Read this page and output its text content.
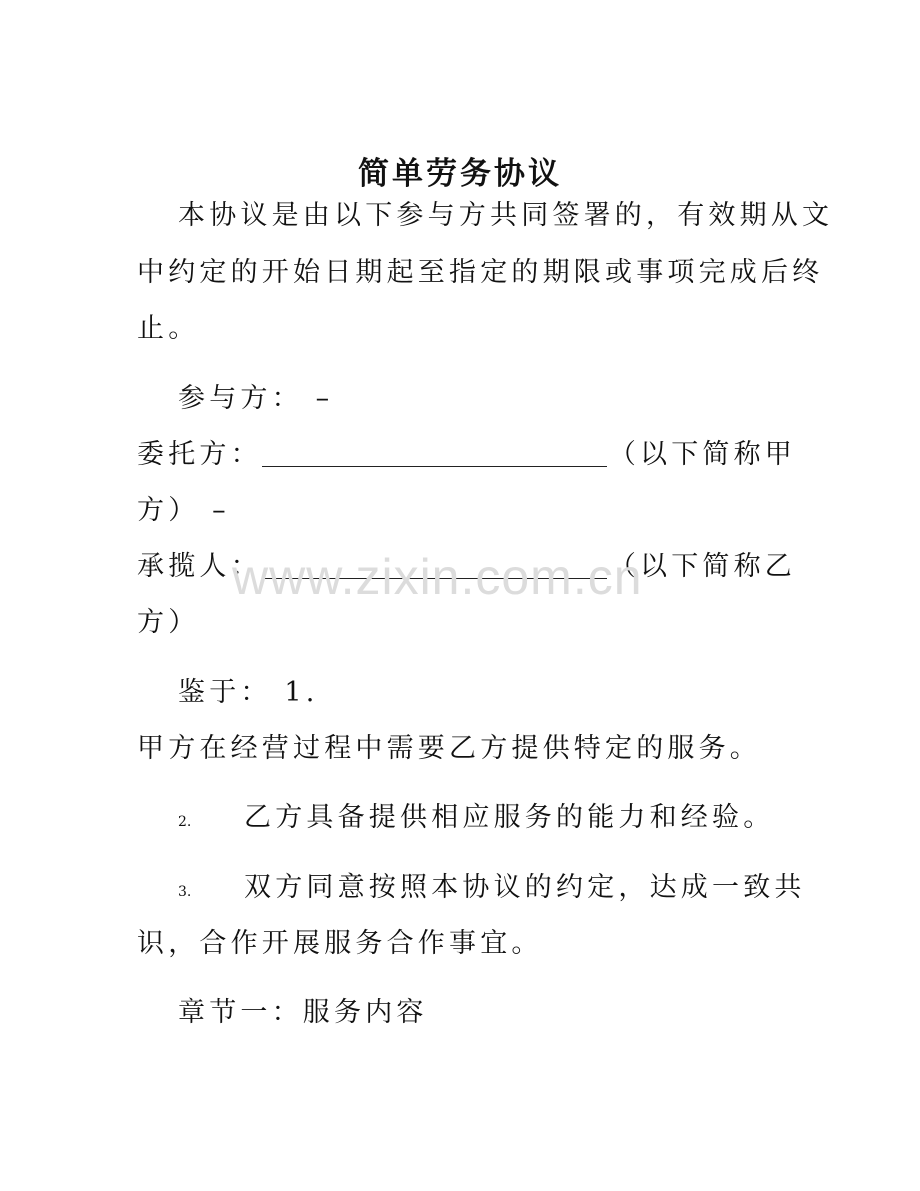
简单劳务协议
本协议是由以下参与方共同签署的，有效期从文
中约定的开始日期起至指定的期限或事项完成后终
止。
参与方： –
委托方：	（以下简称甲
方） –
承揽人：	（以下简称乙
方）
鉴于： 1.
甲方在经营过程中需要乙方提供特定的服务。
2. 乙方具备提供相应服务的能力和经验。
3. 双方同意按照本协议的约定，达成一致共
识，合作开展服务合作事宜。
章节一：服务内容
www.zixin.com.cn
